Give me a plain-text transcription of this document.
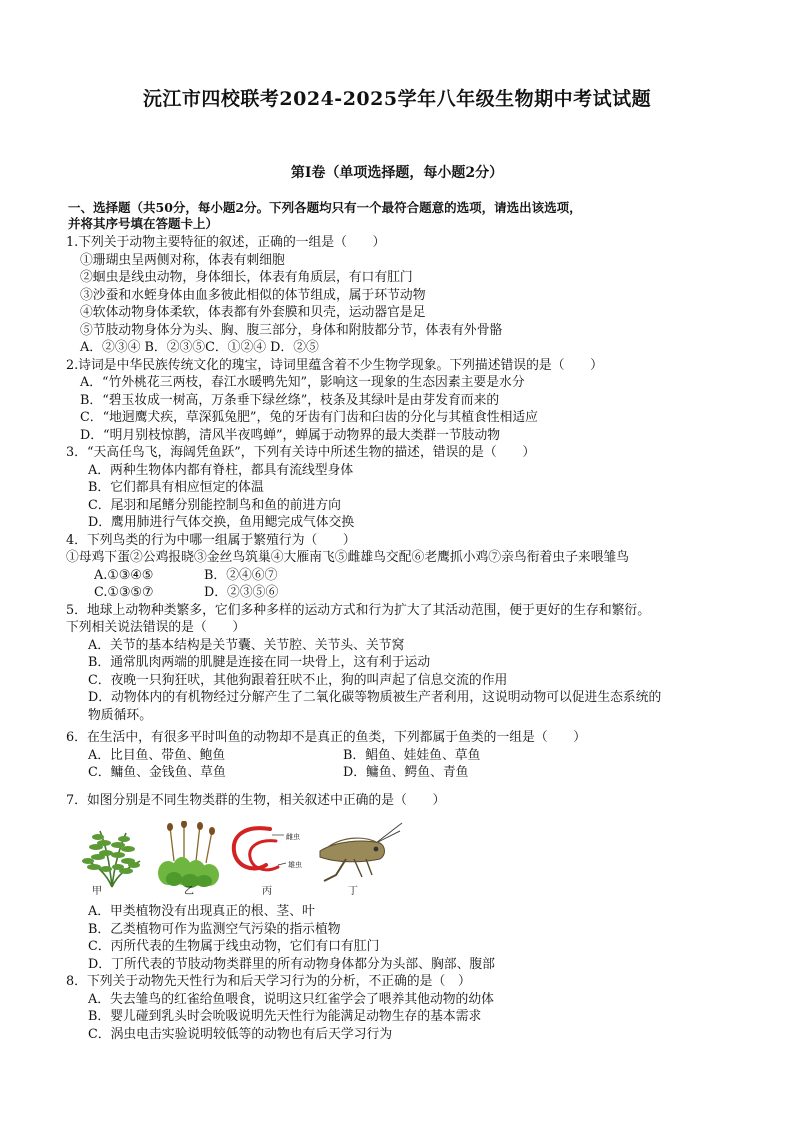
沅江市四校联考2024-2025学年八年级生物期中考试试题
第Ⅰ卷（单项选择题，每小题2分）
一、选择题（共50分，每小题2分。下列各题均只有一个最符合题意的选项，请选出该选项，
并将其序号填在答题卡上）
1.下列关于动物主要特征的叙述，正确的一组是（　　）
①珊瑚虫呈两侧对称，体表有刺细胞
②蛔虫是线虫动物，身体细长，体表有角质层，有口有肛门
③沙蚕和水蛭身体由血多彼此相似的体节组成，属于环节动物
④软体动物身体柔软，体表都有外套膜和贝壳，运动器官是足
⑤节肢动物身体分为头、胸、腹三部分，身体和附肢都分节，体表有外骨骼
A．②③④ B．②③⑤C．①②④ D．②⑤
2.诗词是中华民族传统文化的瑰宝，诗词里蕴含着不少生物学现象。下列描述错误的是（　　）
A．“竹外桃花三两枝，春江水暖鸭先知”，影响这一现象的生态因素主要是水分
B．“碧玉妆成一树高，万条垂下绿丝绦”，枝条及其绿叶是由芽发育而来的
C．“地迥鹰犬疾，草深狐兔肥”，兔的牙齿有门齿和臼齿的分化与其植食性相适应
D．“明月别枝惊鹊，清风半夜鸣蝉”，蝉属于动物界的最大类群一节肢动物
3．“天高任鸟飞，海阔凭鱼跃”，下列有关诗中所述生物的描述，错误的是（　　）
A．两种生物体内都有脊柱，都具有流线型身体
B．它们都具有相应恒定的体温
C．尾羽和尾鳍分别能控制鸟和鱼的前进方向
D．鹰用肺进行气体交换，鱼用鳃完成气体交换
4．下列鸟类的行为中哪一组属于繁殖行为（　　）
①母鸡下蛋②公鸡报晓③金丝鸟筑巢④大雁南飞⑤雌雄鸟交配⑥老鹰抓小鸡⑦亲鸟衔着虫子来喂雏鸟
A.①③④⑤	B．②④⑥⑦
C.①③⑤⑦	D．②③⑤⑥
5．地球上动物种类繁多，它们多种多样的运动方式和行为扩大了其活动范围，便于更好的生存和繁衍。
下列相关说法错误的是（　　）
A．关节的基本结构是关节囊、关节腔、关节头、关节窝
B．通常肌肉两端的肌腱是连接在同一块骨上，这有利于运动
C．夜晚一只狗狂吠，其他狗跟着狂吠不止，狗的叫声起了信息交流的作用
D．动物体内的有机物经过分解产生了二氧化碳等物质被生产者利用，这说明动物可以促进生态系统的
物质循环。
6．在生活中，有很多平时叫鱼的动物却不是真正的鱼类，下列都属于鱼类的一组是（　　）
A．比目鱼、带鱼、鲍鱼	B．鲳鱼、娃娃鱼、草鱼
C．鳙鱼、金钱鱼、草鱼	D．鳙鱼、鳄鱼、青鱼
7．如图分别是不同生物类群的生物，相关叙述中正确的是（　　）
雌虫
雄虫
甲	乙	丙	丁
A．甲类植物没有出现真正的根、茎、叶
B．乙类植物可作为监测空气污染的指示植物
C．丙所代表的生物属于线虫动物，它们有口有肛门
D．丁所代表的节肢动物类群里的所有动物身体都分为头部、胸部、腹部
8．下列关于动物先天性行为和后天学习行为的分析，不正确的是（　）
A．失去雏鸟的红雀给鱼喂食，说明这只红雀学会了喂养其他动物的幼体
B．婴儿碰到乳头时会吮吸说明先天性行为能满足动物生存的基本需求
C．涡虫电击实验说明较低等的动物也有后天学习行为
